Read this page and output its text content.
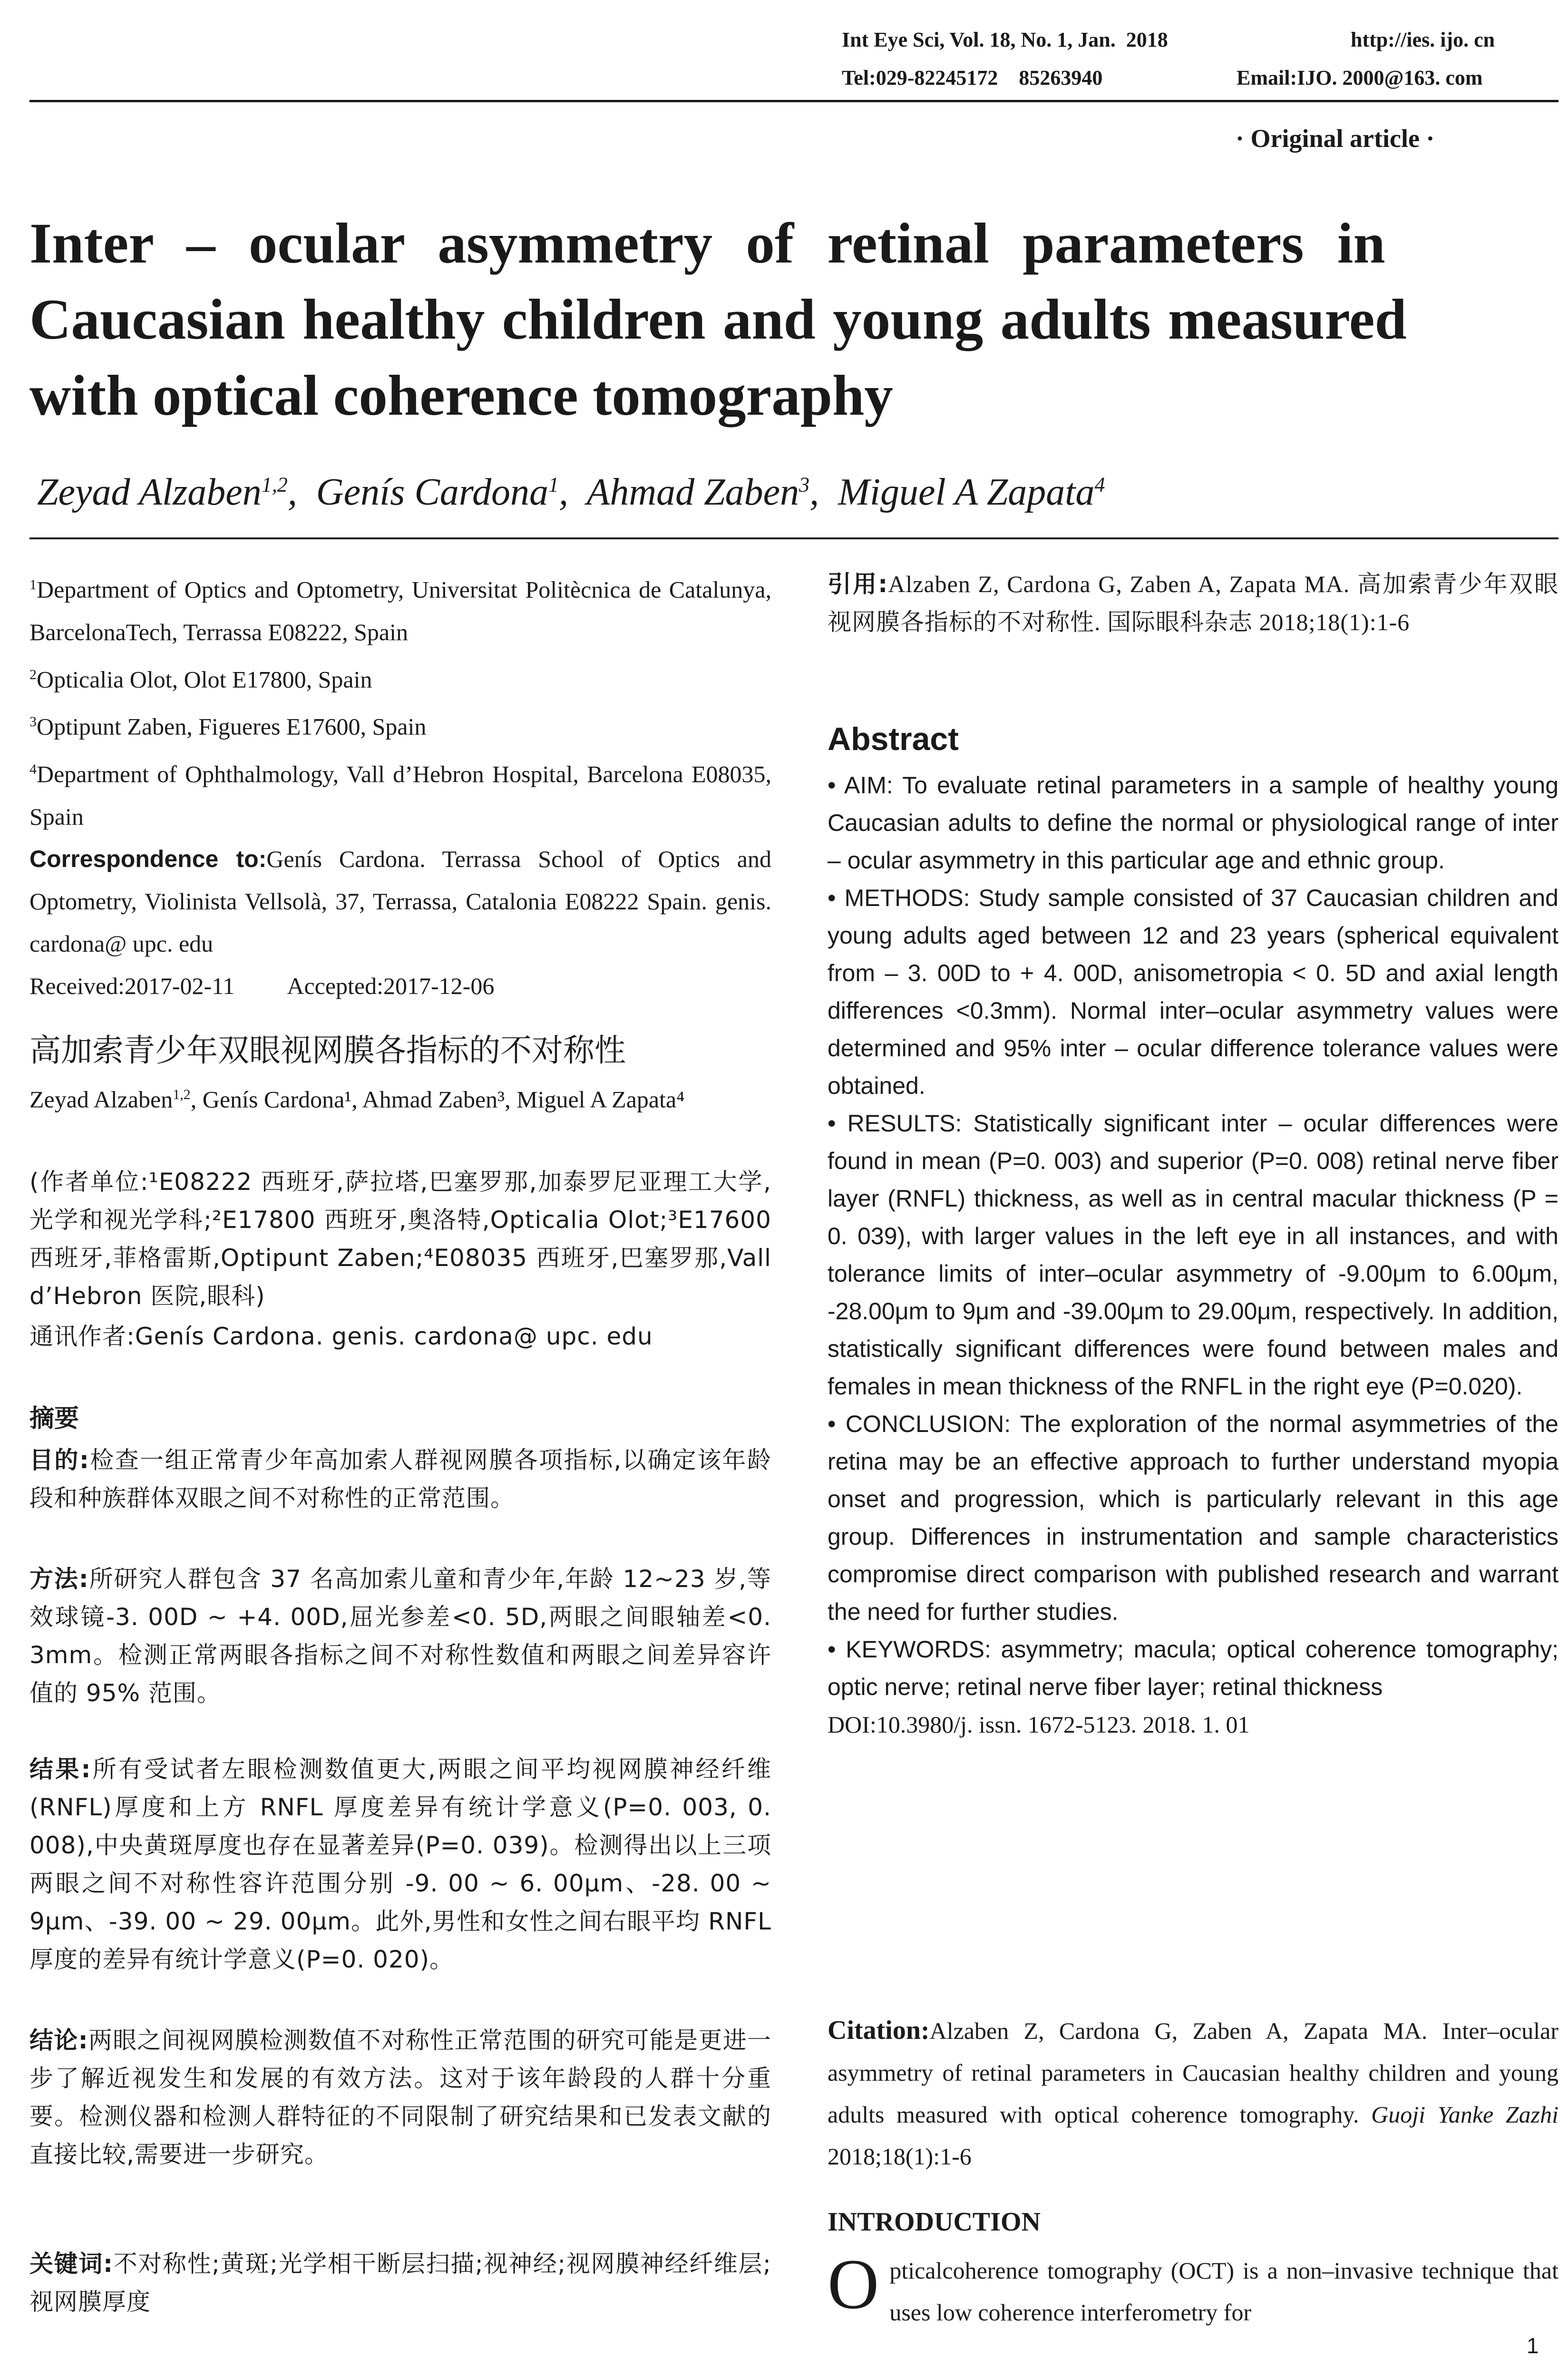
Int Eye Sci, Vol. 18, No. 1, Jan.  2018	http://ies. ijo. cn
Tel:029-82245172    85263940	Email:IJO. 2000@163. com
· Original article ·
Inter – ocular asymmetry of retinal parameters in
Caucasian healthy children and young adults measured
with optical coherence tomography
Zeyad Alzaben$^{1,2}$,  Genís Cardona$^1$,  Ahmad Zaben$^3$,  Miguel A Zapata$^4$
$^1$Department of Optics and Optometry, Universitat Politècnica de Catalunya, BarcelonaTech, Terrassa E08222, Spain
$^2$Opticalia Olot, Olot E17800, Spain
$^3$Optipunt Zaben, Figueres E17600, Spain
$^4$Department of Ophthalmology, Vall d’Hebron Hospital, Barcelona E08035, Spain
Correspondence to:Genís Cardona. Terrassa School of Optics and Optometry, Violinista Vellsolà, 37, Terrassa, Catalonia E08222 Spain. genis. cardona@ upc. edu
Received:2017-02-11 Accepted:2017-12-06
高加索青少年双眼视网膜各指标的不对称性
Zeyad Alzaben$^{1,2}$, Genís Cardona¹, Ahmad Zaben³, Miguel A Zapata⁴
(作者单位:¹E08222 西班牙,萨拉塔,巴塞罗那,加泰罗尼亚理工大学,光学和视光学科;²E17800 西班牙,奥洛特,Opticalia Olot;³E17600 西班牙,菲格雷斯,Optipunt Zaben;⁴E08035 西班牙,巴塞罗那,Vall d’Hebron 医院,眼科)
通讯作者:Genís Cardona. genis. cardona@ upc. edu
摘要
目的:检查一组正常青少年高加索人群视网膜各项指标,以确定该年龄段和种族群体双眼之间不对称性的正常范围。
方法:所研究人群包含 37 名高加索儿童和青少年,年龄 12~23 岁,等效球镜-3. 00D ~ +4. 00D,屈光参差<0. 5D,两眼之间眼轴差<0. 3mm。检测正常两眼各指标之间不对称性数值和两眼之间差异容许值的 95% 范围。
结果:所有受试者左眼检测数值更大,两眼之间平均视网膜神经纤维(RNFL)厚度和上方 RNFL 厚度差异有统计学意义(P=0. 003, 0. 008),中央黄斑厚度也存在显著差异(P=0. 039)。检测得出以上三项两眼之间不对称性容许范围分别 -9. 00 ~ 6. 00μm、-28. 00 ~ 9μm、-39. 00 ~ 29. 00μm。此外,男性和女性之间右眼平均 RNFL 厚度的差异有统计学意义(P=0. 020)。
结论:两眼之间视网膜检测数值不对称性正常范围的研究可能是更进一步了解近视发生和发展的有效方法。这对于该年龄段的人群十分重要。检测仪器和检测人群特征的不同限制了研究结果和已发表文献的直接比较,需要进一步研究。
关键词:不对称性;黄斑;光学相干断层扫描;视神经;视网膜神经纤维层;视网膜厚度
引用:Alzaben Z, Cardona G, Zaben A, Zapata MA. 高加索青少年双眼视网膜各指标的不对称性. 国际眼科杂志 2018;18(1):1-6
Abstract
• AIM: To evaluate retinal parameters in a sample of healthy young Caucasian adults to define the normal or physiological range of inter – ocular asymmetry in this particular age and ethnic group.
• METHODS: Study sample consisted of 37 Caucasian children and young adults aged between 12 and 23 years (spherical equivalent from – 3. 00D to + 4. 00D, anisometropia < 0. 5D and axial length differences <0.3mm). Normal inter–ocular asymmetry values were determined and 95% inter – ocular difference tolerance values were obtained.
• RESULTS: Statistically significant inter – ocular differences were found in mean (P=0. 003) and superior (P=0. 008) retinal nerve fiber layer (RNFL) thickness, as well as in central macular thickness (P = 0. 039), with larger values in the left eye in all instances, and with tolerance limits of inter–ocular asymmetry of -9.00μm to 6.00μm, -28.00μm to 9μm and -39.00μm to 29.00μm, respectively. In addition, statistically significant differences were found between males and females in mean thickness of the RNFL in the right eye (P=0.020).
• CONCLUSION: The exploration of the normal asymmetries of the retina may be an effective approach to further understand myopia onset and progression, which is particularly relevant in this age group. Differences in instrumentation and sample characteristics compromise direct comparison with published research and warrant the need for further studies.
• KEYWORDS: asymmetry; macula; optical coherence tomography; optic nerve; retinal nerve fiber layer; retinal thickness
DOI:10.3980/j. issn. 1672-5123. 2018. 1. 01
Citation:Alzaben Z, Cardona G, Zaben A, Zapata MA. Inter–ocular asymmetry of retinal parameters in Caucasian healthy children and young adults measured with optical coherence tomography. Guoji Yanke Zazhi 2018;18(1):1-6
INTRODUCTION
Opticalcoherence tomography (OCT) is a non–invasive technique that uses low coherence interferometry for
1
